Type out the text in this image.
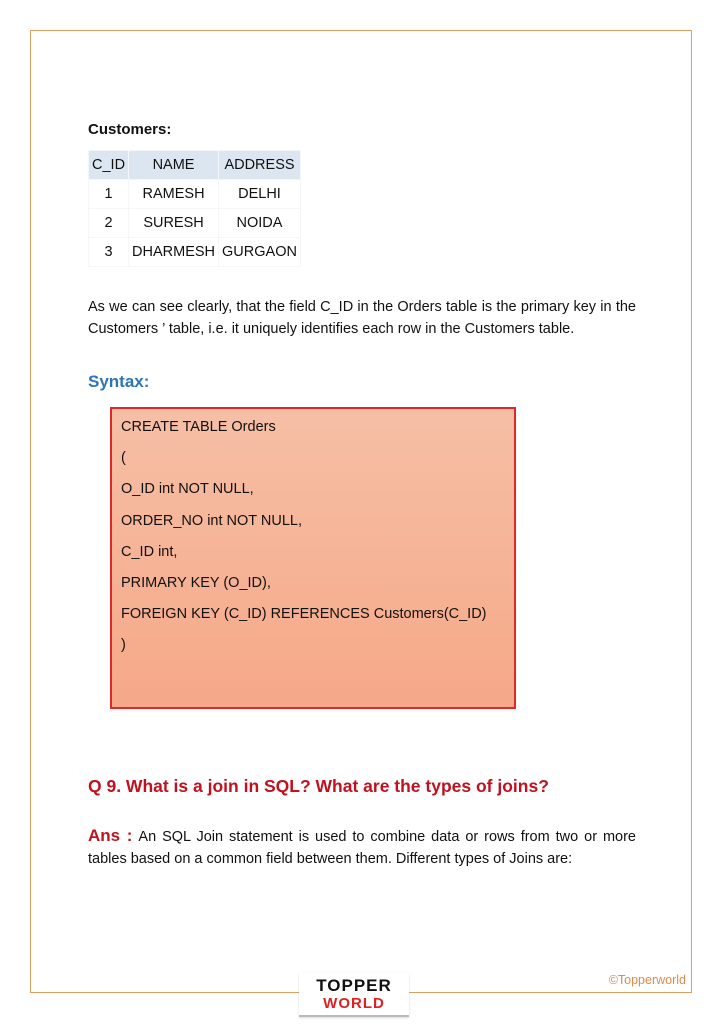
Customers:
C_ID	NAME	ADDRESS
1	RAMESH	DELHI
2	SURESH	NOIDA
3	DHARMESH	GURGAON
As we can see clearly, that the field C_ID in the Orders table is the primary key in the Customers ’ table, i.e. it uniquely identifies each row in the Customers table.
Syntax:
CREATE TABLE Orders
(
O_ID int NOT NULL,
ORDER_NO int NOT NULL,
C_ID int,
PRIMARY KEY (O_ID),
FOREIGN KEY (C_ID) REFERENCES Customers(C_ID)
)
Q 9. What is a join in SQL? What are the types of joins?
Ans : An SQL Join statement is used to combine data or rows from two or more tables based on a common field between them. Different types of Joins are:
TOPPER
WORLD
©Topperworld
